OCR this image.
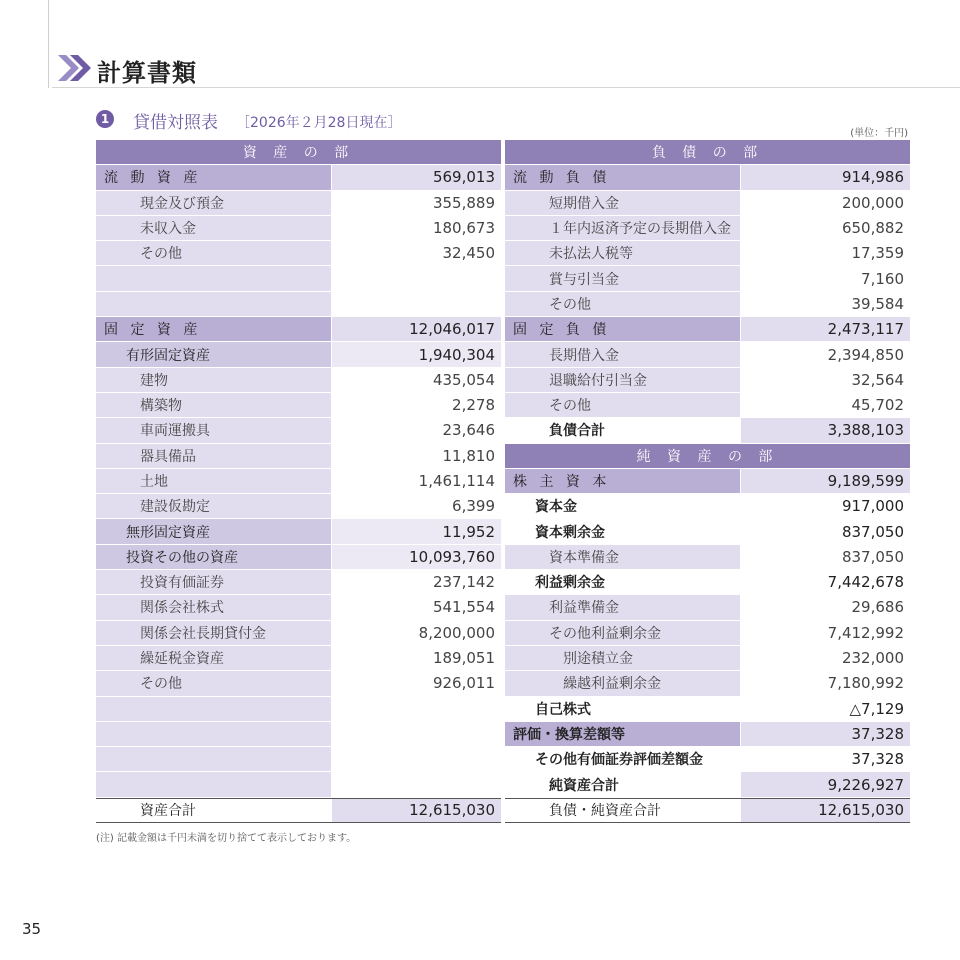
計算書類
1 貸借対照表 ［2026年２月28日現在］
(単位：千円)
資 産 の 部
流 動 資 産	569,013
現金及び預金	355,889
未収入金	180,673
その他	32,450
固 定 資 産	12,046,017
有形固定資産	1,940,304
建物	435,054
構築物	2,278
車両運搬具	23,646
器具備品	11,810
土地	1,461,114
建設仮勘定	6,399
無形固定資産	11,952
投資その他の資産	10,093,760
投資有価証券	237,142
関係会社株式	541,554
関係会社長期貸付金	8,200,000
繰延税金資産	189,051
その他	926,011
資産合計	12,615,030
負 債 の 部
流 動 負 債	914,986
短期借入金	200,000
１年内返済予定の長期借入金	650,882
未払法人税等	17,359
賞与引当金	7,160
その他	39,584
固 定 負 債	2,473,117
長期借入金	2,394,850
退職給付引当金	32,564
その他	45,702
負債合計	3,388,103
純 資 産 の 部
株 主 資 本	9,189,599
資本金	917,000
資本剰余金	837,050
資本準備金	837,050
利益剰余金	7,442,678
利益準備金	29,686
その他利益剰余金	7,412,992
別途積立金	232,000
繰越利益剰余金	7,180,992
自己株式	△7,129
評価・換算差額等	37,328
その他有価証券評価差額金	37,328
純資産合計	9,226,927
負債・純資産合計	12,615,030
(注) 記載金額は千円未満を切り捨てて表示しております。
35
